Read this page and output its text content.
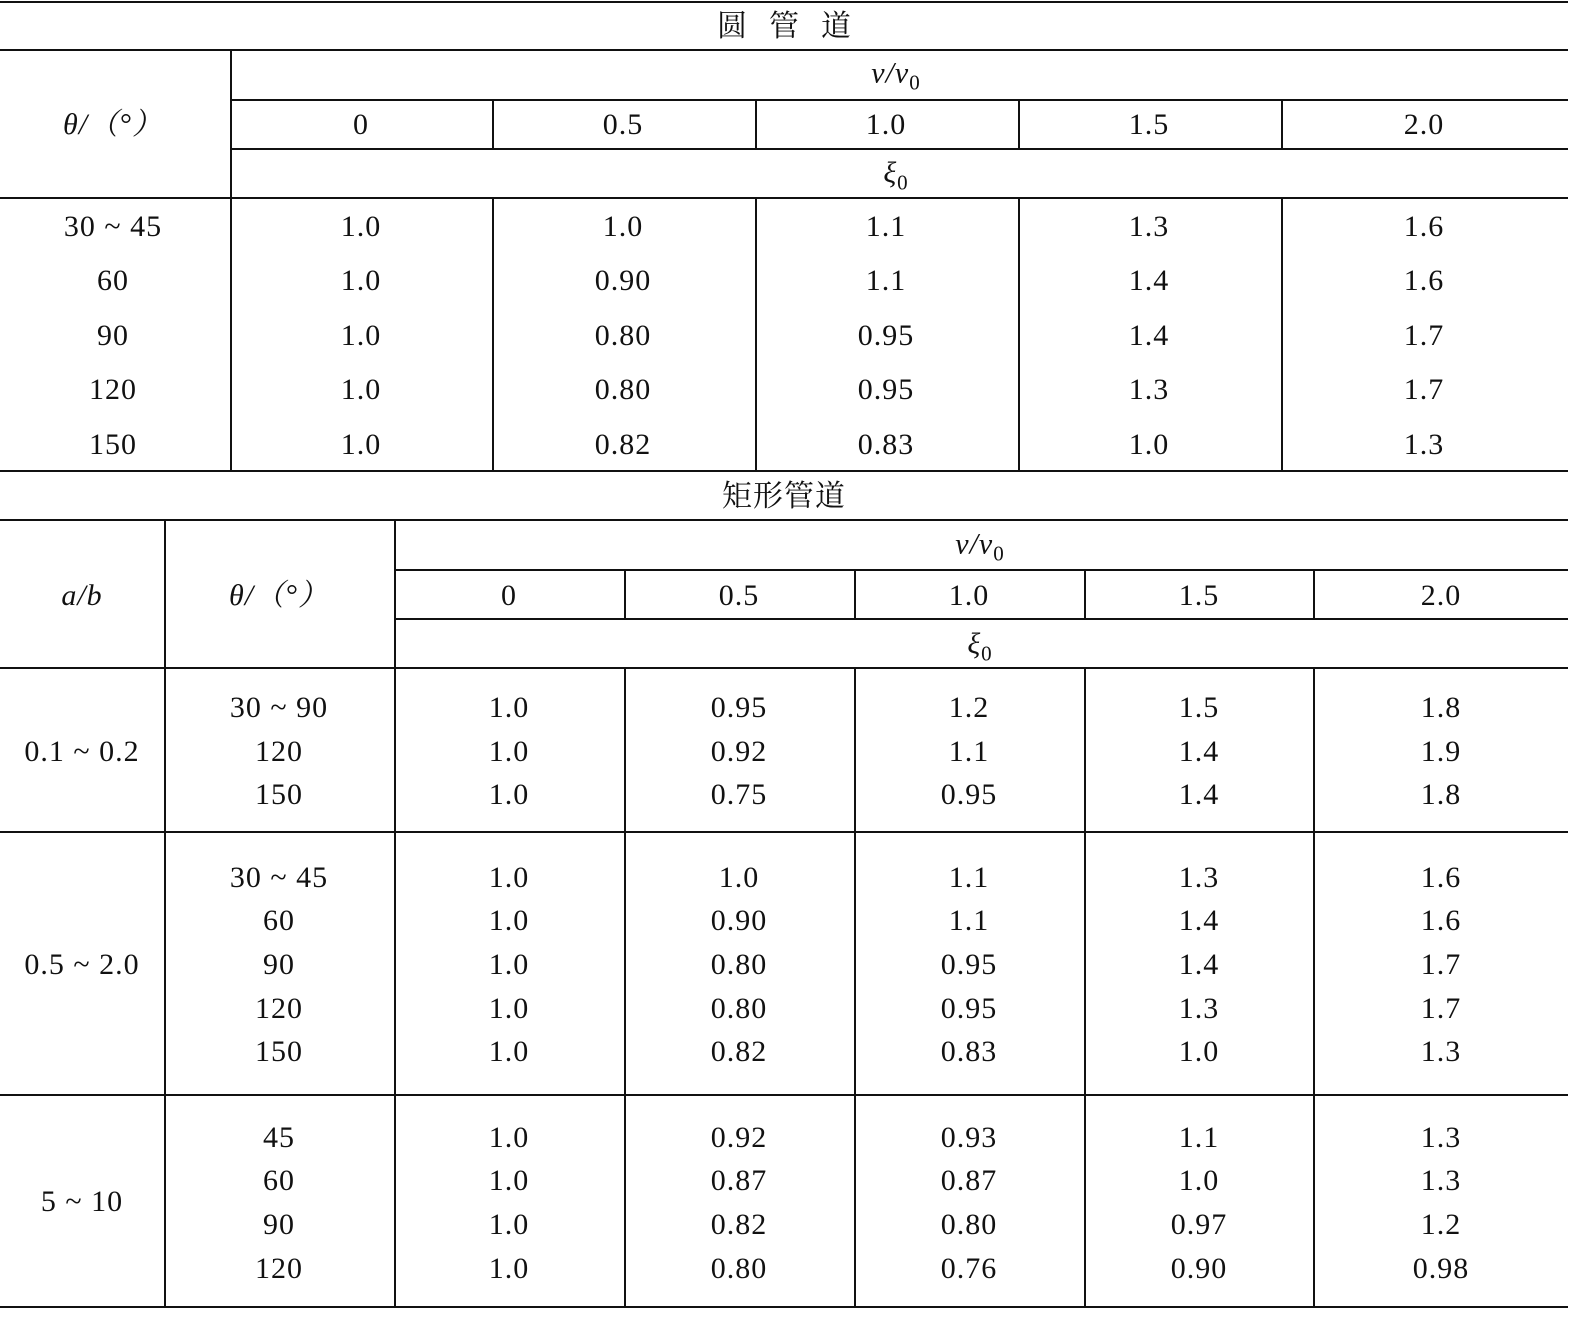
圆管道
$v/v_0$
0	0.5	1.0	1.5	2.0
$\xi_0$
θ/（°）
30 ~ 45	1.0	1.0	1.1	1.3	1.6
60	1.0	0.90	1.1	1.4	1.6
90	1.0	0.80	0.95	1.4	1.7
120	1.0	0.80	0.95	1.3	1.7
150	1.0	0.82	0.83	1.0	1.3
矩形管道
$v/v_0$
0	0.5	1.0	1.5	2.0
$\xi_0$
a/b	θ/（°）
0.1 ~ 0.2
30 ~ 90	1.0	0.95	1.2	1.5	1.8
120	1.0	0.92	1.1	1.4	1.9
150	1.0	0.75	0.95	1.4	1.8
0.5 ~ 2.0
30 ~ 45	1.0	1.0	1.1	1.3	1.6
60	1.0	0.90	1.1	1.4	1.6
90	1.0	0.80	0.95	1.4	1.7
120	1.0	0.80	0.95	1.3	1.7
150	1.0	0.82	0.83	1.0	1.3
5 ~ 10
45	1.0	0.92	0.93	1.1	1.3
60	1.0	0.87	0.87	1.0	1.3
90	1.0	0.82	0.80	0.97	1.2
120	1.0	0.80	0.76	0.90	0.98
